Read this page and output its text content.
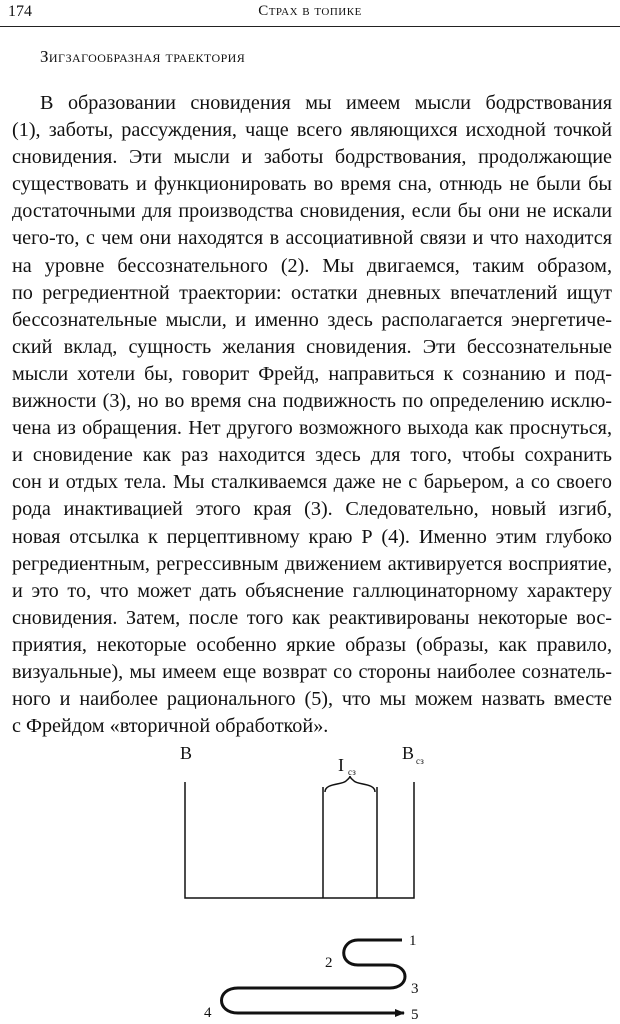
174	Страх в топике
Зигзагообразная траектория
В образовании сновидения мы имеем мысли бодрствования
(1), заботы, рассуждения, чаще всего являющихся исходной точкой
сновидения. Эти мысли и заботы бодрствования, продолжающие
существовать и функционировать во время сна, отнюдь не были бы
достаточными для производства сновидения, если бы они не искали
чего-то, с чем они находятся в ассоциативной связи и что находится
на уровне бессознательного (2). Мы двигаемся, таким образом,
по регредиентной траектории: остатки дневных впечатлений ищут
бессознательные мысли, и именно здесь располагается энергетиче-
ский вклад, сущность желания сновидения. Эти бессознательные
мысли хотели бы, говорит Фрейд, направиться к сознанию и под-
вижности (3), но во время сна подвижность по определению исклю-
чена из обращения. Нет другого возможного выхода как проснуться,
и сновидение как раз находится здесь для того, чтобы сохранить
сон и отдых тела. Мы сталкиваемся даже не с барьером, а со своего
рода инактивацией этого края (3). Следовательно, новый изгиб,
новая отсылка к перцептивному краю Ρ (4). Именно этим глубоко
регредиентным, регрессивным движением активируется восприятие,
и это то, что может дать объяснение галлюцинаторному характеру
сновидения. Затем, после того как реактивированы некоторые вос-
приятия, некоторые особенно яркие образы (образы, как правило,
визуальные), мы имеем еще возврат со стороны наиболее сознатель-
ного и наиболее рационального (5), что мы можем назвать вместе
с Фрейдом «вторичной обработкой».
В
I сз
В сз
1
2
3
4	5
